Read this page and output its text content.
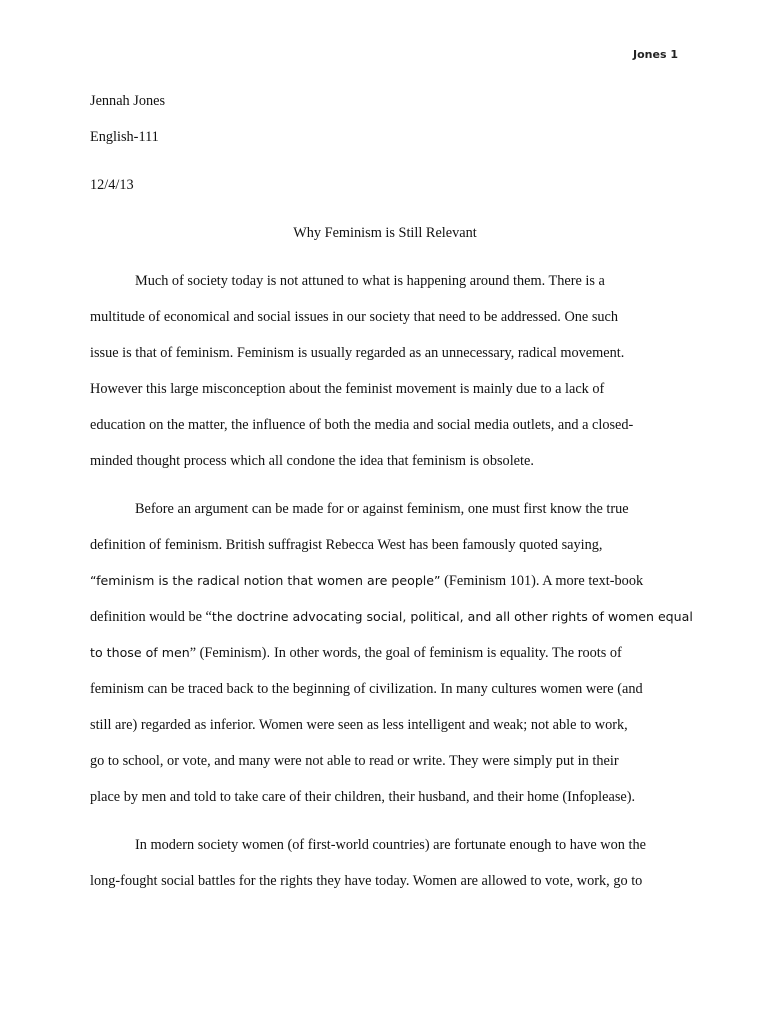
Jones 1
Jennah Jones
English-111
12/4/13
Why Feminism is Still Relevant
Much of society today is not attuned to what is happening around them. There is a
multitude of economical and social issues in our society that need to be addressed. One such
issue is that of feminism. Feminism is usually regarded as an unnecessary, radical movement.
However this large misconception about the feminist movement is mainly due to a lack of
education on the matter, the influence of both the media and social media outlets, and a closed-
minded thought process which all condone the idea that feminism is obsolete.
Before an argument can be made for or against feminism, one must first know the true
definition of feminism. British suffragist Rebecca West has been famously quoted saying,
“feminism is the radical notion that women are people” (Feminism 101). A more text-book
definition would be “the doctrine advocating social, political, and all other rights of women equal
to those of men” (Feminism). In other words, the goal of feminism is equality. The roots of
feminism can be traced back to the beginning of civilization. In many cultures women were (and
still are) regarded as inferior. Women were seen as less intelligent and weak; not able to work,
go to school, or vote, and many were not able to read or write. They were simply put in their
place by men and told to take care of their children, their husband, and their home (Infoplease).
In modern society women (of first-world countries) are fortunate enough to have won the
long-fought social battles for the rights they have today. Women are allowed to vote, work, go to
